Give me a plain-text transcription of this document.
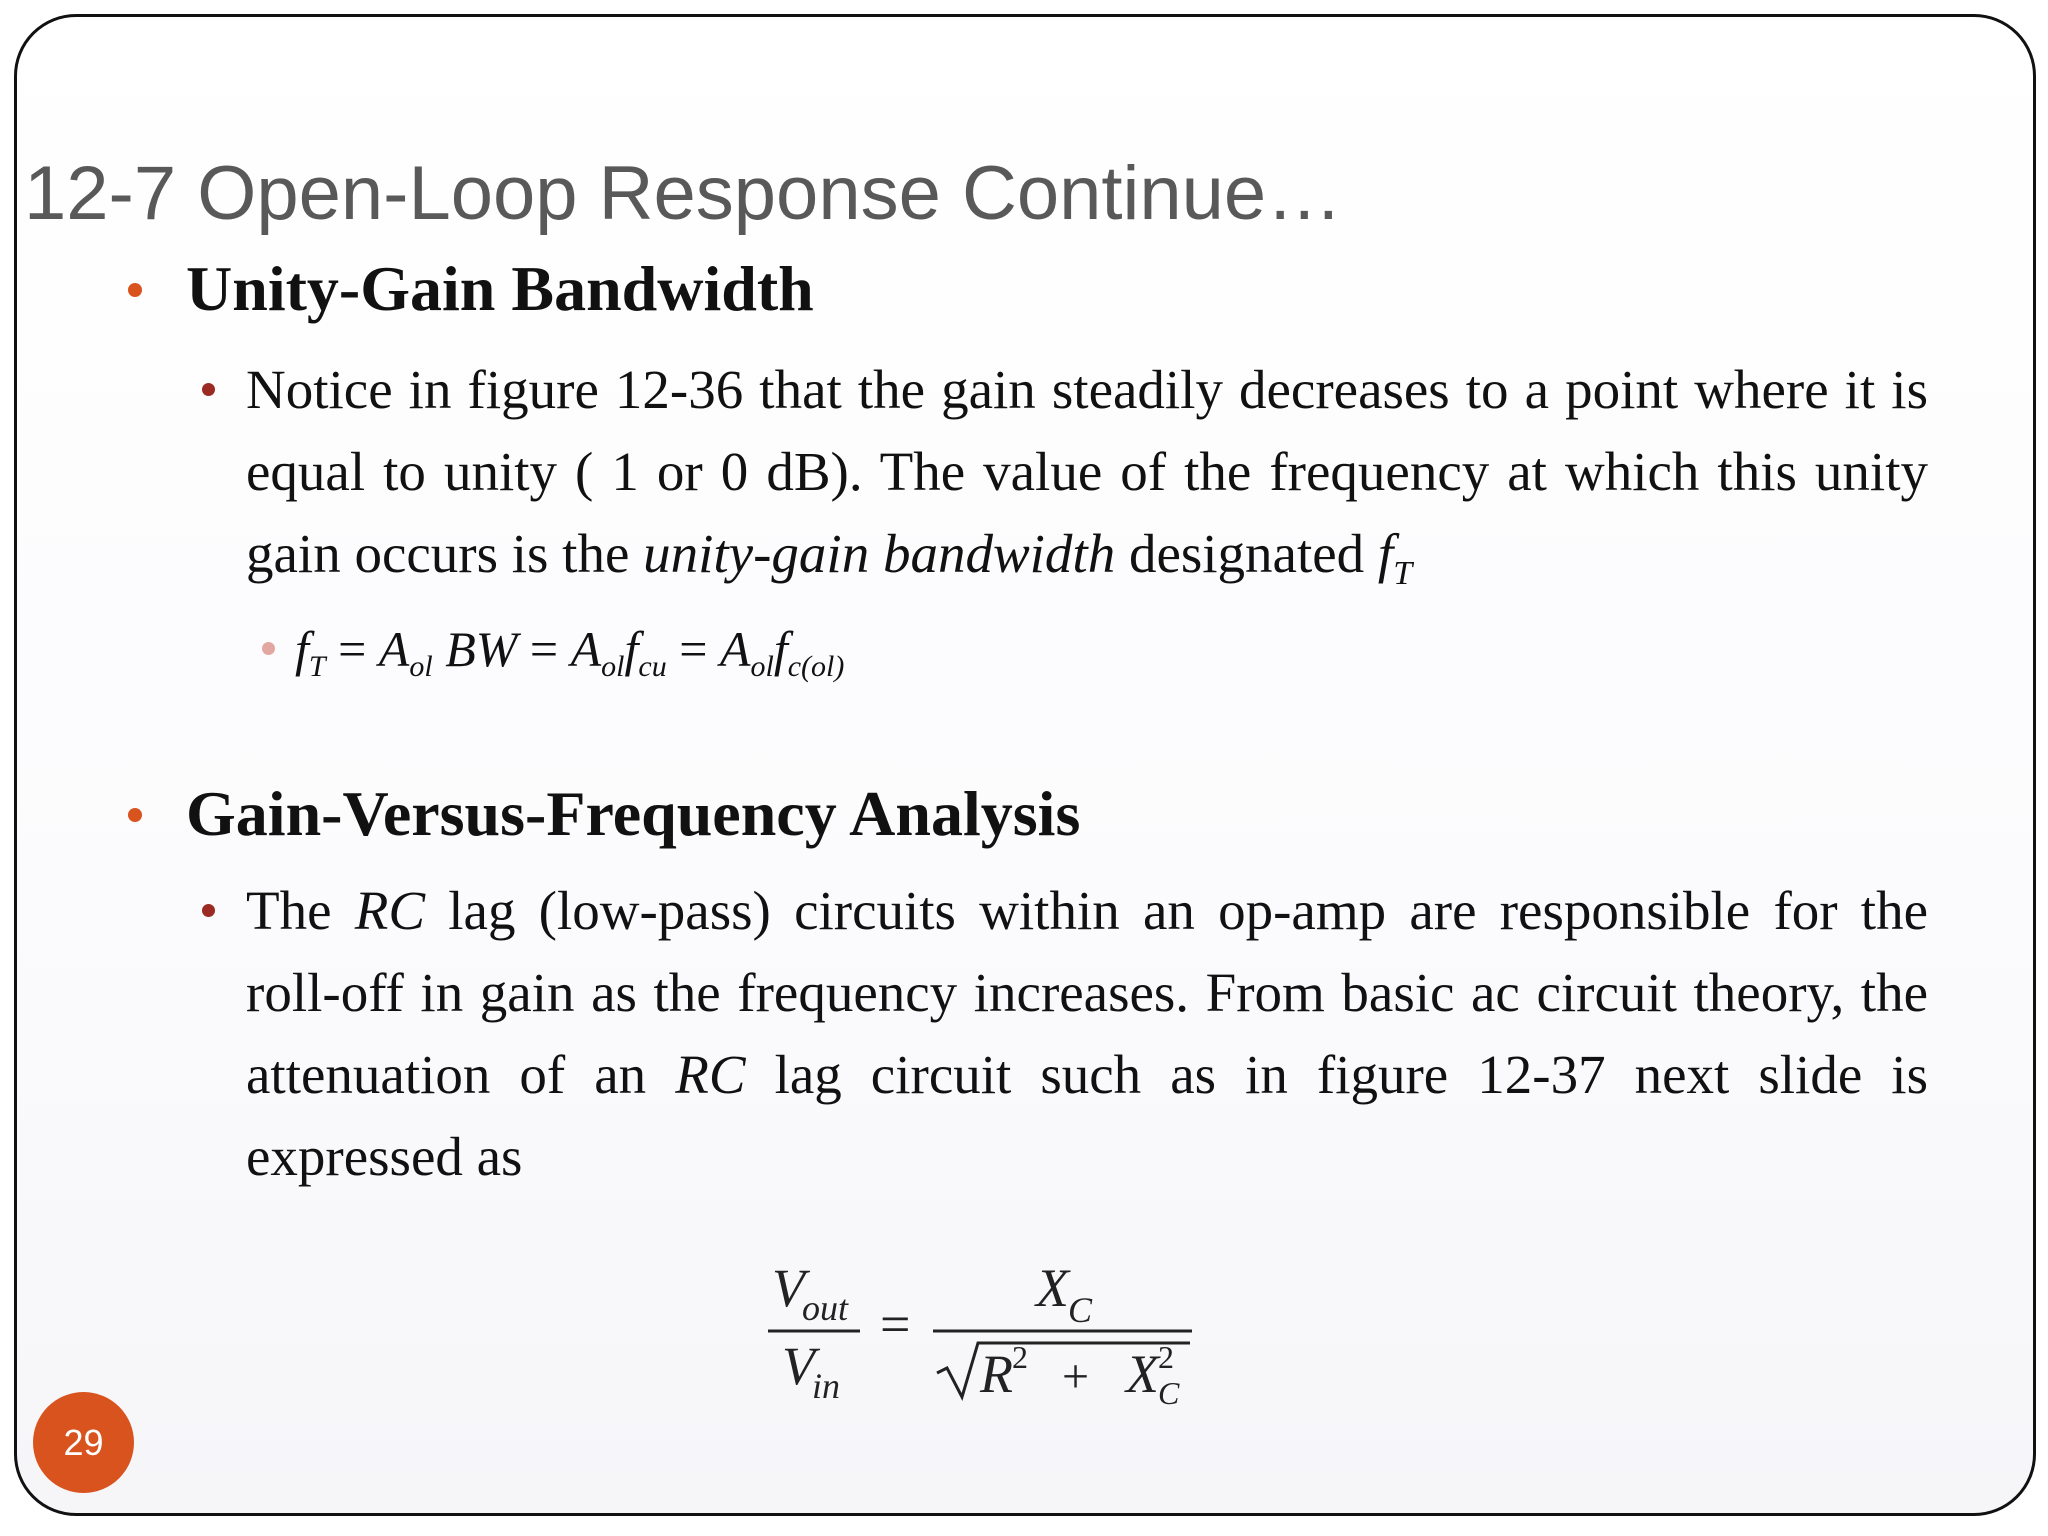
12-7 Open-Loop Response Continue…
Unity-Gain Bandwidth
Notice in figure 12-36 that the gain steadily decreases to a point where it is equal to unity ( 1 or 0 dB). The value of the frequency at which this unity gain occurs is the unity-gain bandwidth designated $f_T$
$f_T = A_{ol}$ BW = $A_{ol}f_{cu} = A_{ol}f_{c(ol)}$
Gain-Versus-Frequency Analysis
The RC lag (low-pass) circuits within an op-amp are responsible for the roll-off in gain as the frequency increases. From basic ac circuit theory, the attenuation of an RC lag circuit such as in figure 12-37 next slide is expressed as
V
out
V
in
=
X C
R 2 + X 2
C
29
